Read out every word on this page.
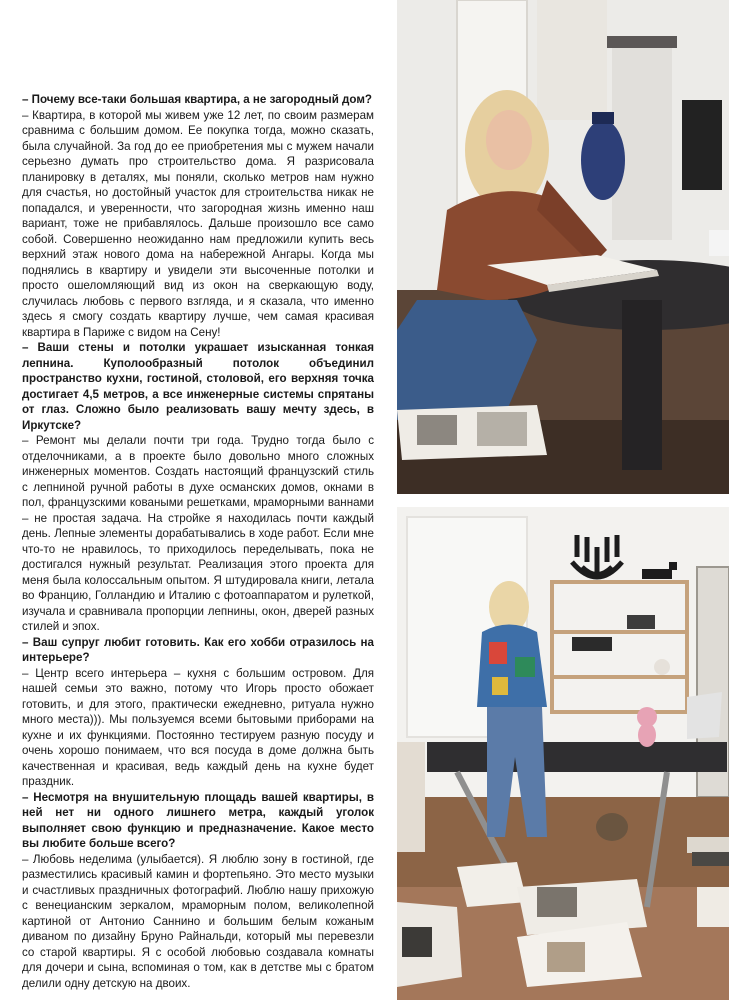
– Почему все-таки большая квартира, а не загородный дом?

– Квартира, в которой мы живем уже 12 лет, по своим размерам сравнима с большим домом. Ее покупка тогда, можно сказать, была случайной. За год до ее приобретения мы с мужем начали серьезно думать про строительство дома. Я разрисовала планировку в деталях, мы поняли, сколько метров нам нужно для счастья, но достойный участок для строительства никак не попадался, и уверенности, что загородная жизнь именно наш вариант, тоже не прибавлялось. Дальше произошло все само собой. Совершенно неожиданно нам предложили купить весь верхний этаж нового дома на набережной Ангары. Когда мы поднялись в квартиру и увидели эти высоченные потолки и просто ошеломляющий вид из окон на сверкающую воду, случилась любовь с первого взгляда, и я сказала, что именно здесь я смогу создать квартиру лучше, чем самая красивая квартира в Париже с видом на Сену!

– Ваши стены и потолки украшает изысканная тонкая лепнина. Куполообразный потолок объединил пространство кухни, гостиной, столовой, его верхняя точка достигает 4,5 метров, а все инженерные системы спрятаны от глаз. Сложно было реализовать вашу мечту здесь, в Иркутске?

– Ремонт мы делали почти три года. Трудно тогда было с отделочниками, а в проекте было довольно много сложных инженерных моментов. Создать настоящий французский стиль с лепниной ручной работы в духе османских домов, окнами в пол, французскими коваными решетками, мраморными ваннами – не простая задача. На стройке я находилась почти каждый день. Лепные элементы дорабатывались в ходе работ. Если мне что-то не нравилось, то приходилось переделывать, пока не достигался нужный результат. Реализация этого проекта для меня была колоссальным опытом. Я штудировала книги, летала во Францию, Голландию и Италию с фотоаппаратом и рулеткой, изучала и сравнивала пропорции лепнины, окон, дверей разных стилей и эпох.

– Ваш супруг любит готовить. Как его хобби отразилось на интерьере?

– Центр всего интерьера – кухня с большим островом. Для нашей семьи это важно, потому что Игорь просто обожает готовить, и для этого, практически ежедневно, ритуала нужно много места))). Мы пользуемся всеми бытовыми приборами на кухне и их функциями. Постоянно тестируем разную посуду и очень хорошо понимаем, что вся посуда в доме должна быть качественная и красивая, ведь каждый день на кухне будет праздник.

– Несмотря на внушительную площадь вашей квартиры, в ней нет ни одного лишнего метра, каждый уголок выполняет свою функцию и предназначение. Какое место вы любите больше всего?

– Любовь неделима (улыбается). Я люблю зону в гостиной, где разместились красивый камин и фортепьяно. Это место музыки и счастливых праздничных фотографий. Люблю нашу прихожую с венецианским зеркалом, мраморным полом, великолепной картиной от Антонио Саннино и большим белым кожаным диваном по дизайну Бруно Райнальди, который мы перевезли со старой квартиры. Я с особой любовью создавала комнаты для дочери и сына, вспоминая о том, как в детстве мы с братом делили одну детскую на двоих.
